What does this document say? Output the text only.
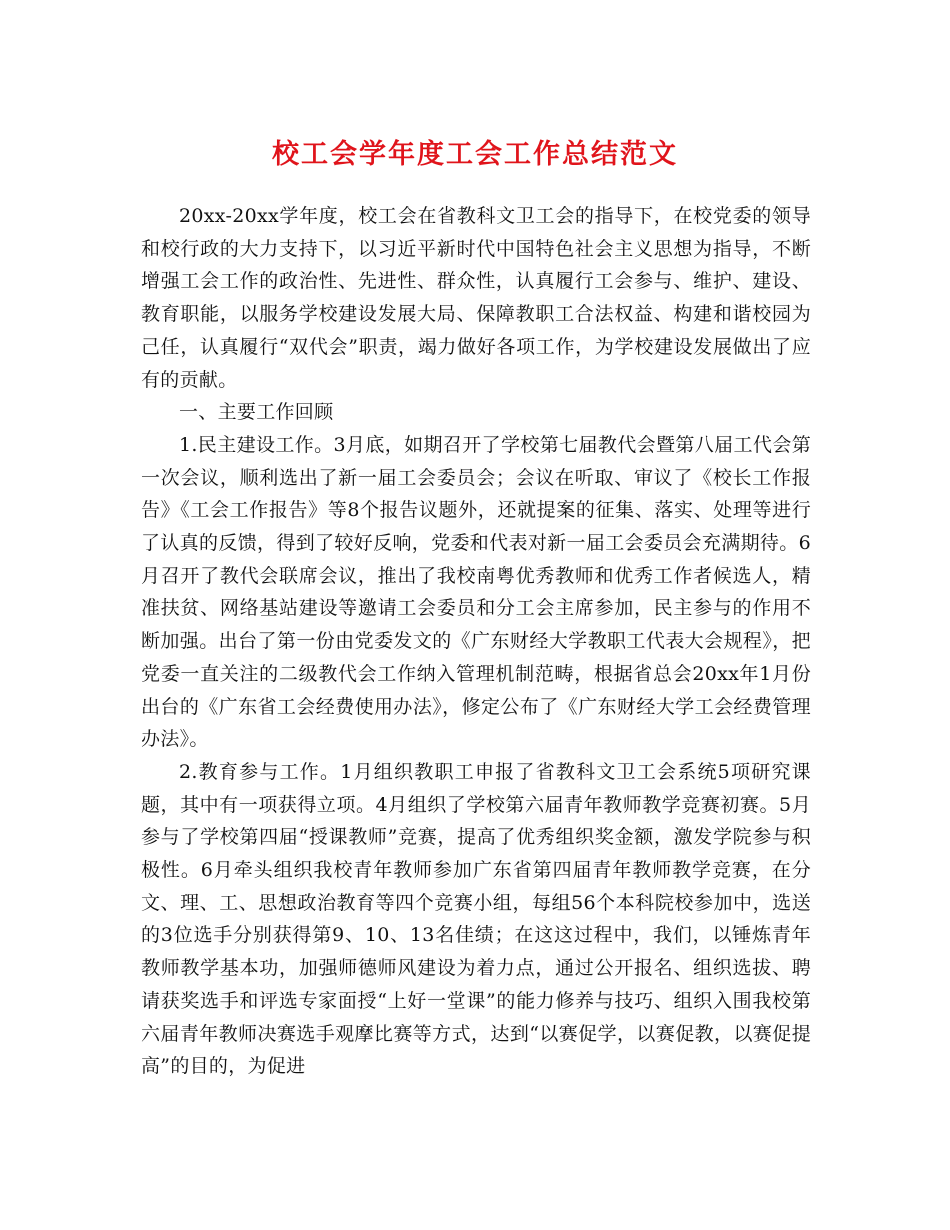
校工会学年度工会工作总结范文

20xx-20xx学年度，校工会在省教科文卫工会的指导下，在校党委的领导和校行政的大力支持下，以习近平新时代中国特色社会主义思想为指导，不断增强工会工作的政治性、先进性、群众性，认真履行工会参与、维护、建设、教育职能，以服务学校建设发展大局、保障教职工合法权益、构建和谐校园为己任，认真履行“双代会”职责，竭力做好各项工作，为学校建设发展做出了应有的贡献。

一、主要工作回顾

1.民主建设工作。3月底，如期召开了学校第七届教代会暨第八届工代会第一次会议，顺利选出了新一届工会委员会；会议在听取、审议了《校长工作报告》《工会工作报告》等8个报告议题外，还就提案的征集、落实、处理等进行了认真的反馈，得到了较好反响，党委和代表对新一届工会委员会充满期待。6月召开了教代会联席会议，推出了我校南粤优秀教师和优秀工作者候选人，精准扶贫、网络基站建设等邀请工会委员和分工会主席参加，民主参与的作用不断加强。出台了第一份由党委发文的《广东财经大学教职工代表大会规程》，把党委一直关注的二级教代会工作纳入管理机制范畴，根据省总会20xx年1月份出台的《广东省工会经费使用办法》，修定公布了《广东财经大学工会经费管理办法》。

2.教育参与工作。1月组织教职工申报了省教科文卫工会系统5项研究课题，其中有一项获得立项。4月组织了学校第六届青年教师教学竞赛初赛。5月参与了学校第四届“授课教师”竞赛，提高了优秀组织奖金额，激发学院参与积极性。6月牵头组织我校青年教师参加广东省第四届青年教师教学竞赛，在分文、理、工、思想政治教育等四个竞赛小组，每组56个本科院校参加中，选送的3位选手分别获得第9、10、13名佳绩；在这这过程中，我们，以锤炼青年教师教学基本功，加强师德师风建设为着力点，通过公开报名、组织选拔、聘请获奖选手和评选专家面授“上好一堂课”的能力修养与技巧、组织入围我校第六届青年教师决赛选手观摩比赛等方式，达到“以赛促学，以赛促教，以赛促提高”的目的，为促进
